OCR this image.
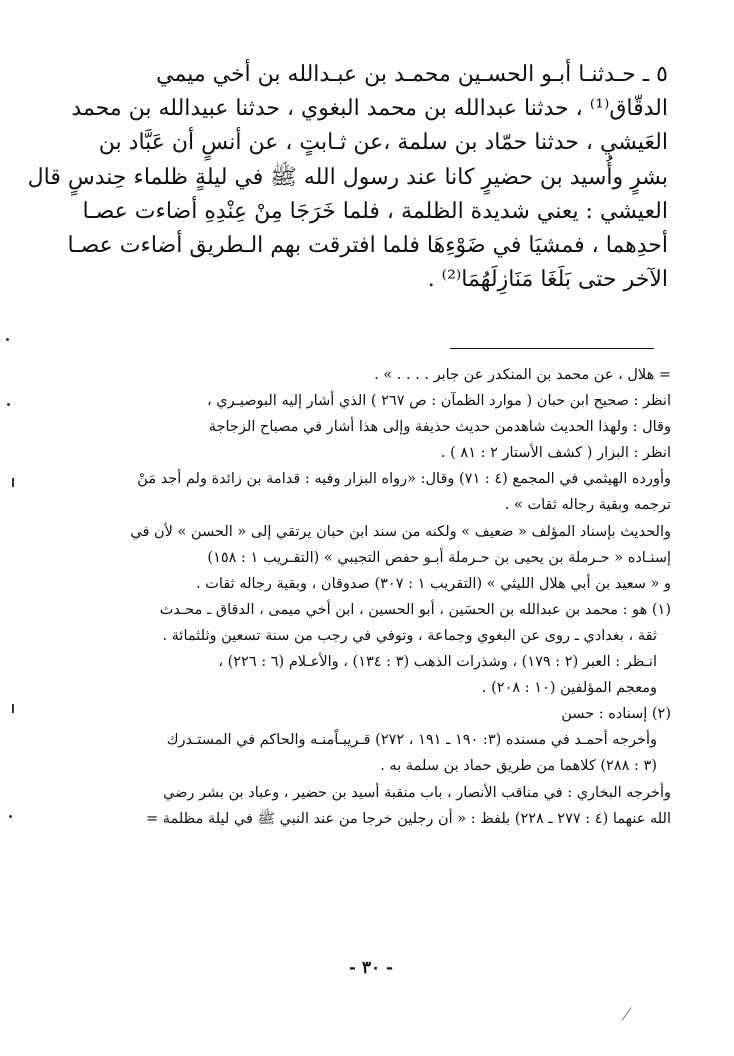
٥ ـ حـدثنـا أبـو الحسـين محمـد بن عبـدالله بن أخي ميمي
الدقّاق⁽¹⁾ ، حدثنا عبدالله بن محمد البغوي ، حدثنا عبيدالله بن محمد
العَيشي ، حدثنا حمّاد بن سلمة ،عن ثـابتٍ ، عن أنسٍ أن عَبَّاد بن
بشرٍ وأُسيد بن حضيرٍ كانا عند رسول الله ﷺ في ليلةٍ ظلماء حِندسٍ قال
العيشي : يعني شديدة الظلمة ، فلما خَرَجَا مِنْ عِنْدِهِ أضاءت عصـا
أحدِهما ، فمشيَا في ضَوْءِهَا فلما افترقت بهم الـطريق أضاءت عصـا
الآخر حتى بَلَغَا مَنَازِلَهُمَا⁽²⁾ .
= هلال ، عن محمد بن المنكدر عن جابر . . . . » .
انظر : صحيح ابن حبان ( موارد الظمآن : ص ٢٦٧ ) الذي أشار إليه البوصيـري ،
وقال : ولهذا الحديث شاهدمن حديث حذيفة وإلى هذا أشار في مصباح الزجاجة
انظر : البزار ( كشف الأستار ٢ : ٨١ ) .
وأورده الهيثمي في المجمع (٤ : ٧١) وقال: «رواه البزار وفيه : قدامة بن زائدة ولم أجد مَنْ
ترجمه وبقية رجاله ثقات » .
والحديث بإسناد المؤلف « ضعيف » ولكنه من سند ابن حبان يرتقي إلى « الحسن » لأن في
إسنـاده « حـرملة بن يحيى بن حـرملة أبـو حفص التجيبي » (التقـريب ١ : ١٥٨)
و « سعيد بن أبي هلال الليثي » (التقريب ١ : ٣٠٧) صدوقان ، وبقية رجاله ثقات .
(١) هو : محمد بن عبدالله بن الحسَين ، أبو الحسين ، ابن أخي ميمى ، الدقاق ـ محـدث
ثقة ، بغدادي ـ روى عن البغوي وجماعة ، وتوفي في رجب من سنة تسعين وثلثمائة .
انـظر : العبر (٢ : ١٧٩) ، وشذرات الذهب (٣ : ١٣٤) ، والأعـلام (٦ : ٢٢٦) ،
ومعجم المؤلفين (١٠ : ٢٠٨) .
(٢) إسناده : حسن
وأخرجه أحمـد في مسنده (٣: ١٩٠ ـ ١٩١ ، ٢٧٢) قـريبـاًمنـه والحاكم في المستـدرك
(٣ : ٢٨٨) كلاهما من طريق حماد بن سلمة به .
وأخرجه البخاري : في مناقب الأنصار ، باب منقبة أسيد بن حضير ، وعباد بن بشر رضي
الله عنهما (٤ : ٢٧٧ ـ ٢٢٨) بلفظ : « أن رجلين خرجا من عند النبي ﷺ في ليلة مظلمة =
- ٣٠ -
